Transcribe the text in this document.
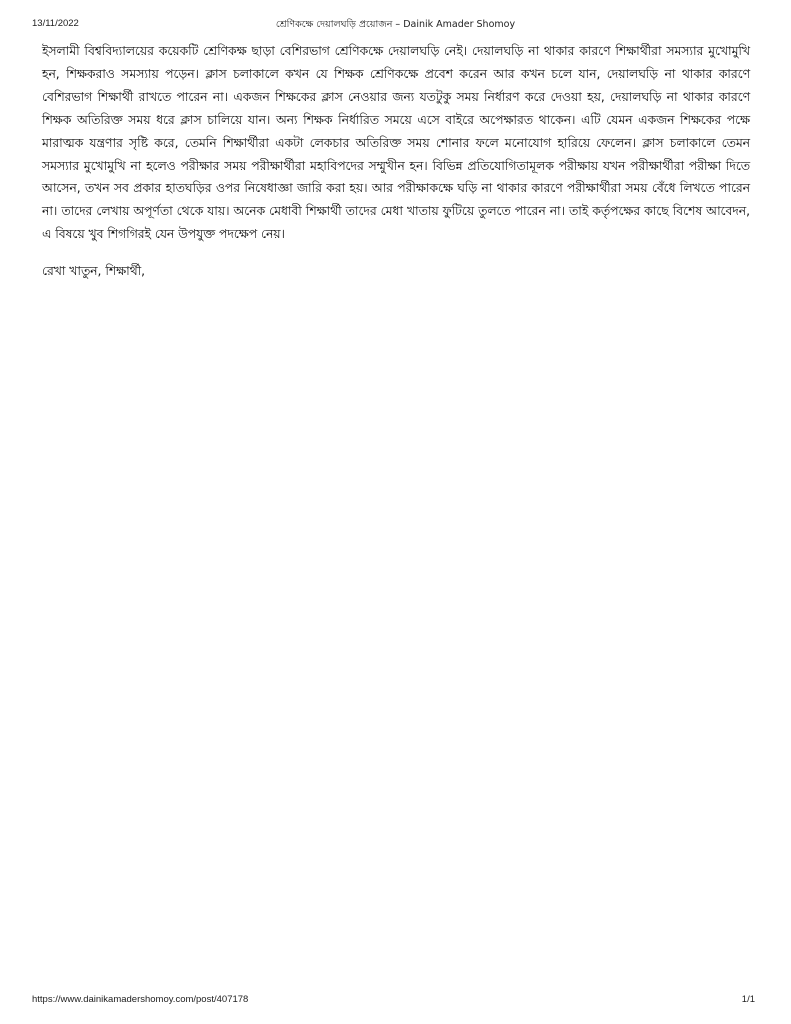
13/11/2022	শ্রেণিকক্ষে দেয়ালঘড়ি প্রয়োজন – Dainik Amader Shomoy

ইসলামী বিশ্ববিদ্যালয়ের কয়েকটি শ্রেণিকক্ষ ছাড়া বেশিরভাগ শ্রেণিকক্ষে দেয়ালঘড়ি নেই। দেয়ালঘড়ি না থাকার কারণে শিক্ষার্থীরা সমস্যার মুখোমুখি হন, শিক্ষকরাও সমস্যায় পড়েন। ক্লাস চলাকালে কখন যে শিক্ষক শ্রেণিকক্ষে প্রবেশ করেন আর কখন চলে যান, দেয়ালঘড়ি না থাকার কারণে বেশিরভাগ শিক্ষার্থী রাখতে পারেন না। একজন শিক্ষকের ক্লাস নেওয়ার জন্য যতটুকু সময় নির্ধারণ করে দেওয়া হয়, দেয়ালঘড়ি না থাকার কারণে শিক্ষক অতিরিক্ত সময় ধরে ক্লাস চালিয়ে যান। অন্য শিক্ষক নির্ধারিত সময়ে এসে বাইরে অপেক্ষারত থাকেন। এটি যেমন একজন শিক্ষকের পক্ষে মারাত্মক যন্ত্রণার সৃষ্টি করে, তেমনি শিক্ষার্থীরা একটা লেকচার অতিরিক্ত সময় শোনার ফলে মনোযোগ হারিয়ে ফেলেন। ক্লাস চলাকালে তেমন সমস্যার মুখোমুখি না হলেও পরীক্ষার সময় পরীক্ষার্থীরা মহাবিপদের সম্মুখীন হন। বিভিন্ন প্রতিযোগিতামূলক পরীক্ষায় যখন পরীক্ষার্থীরা পরীক্ষা দিতে আসেন, তখন সব প্রকার হাতঘড়ির ওপর নিষেধাজ্ঞা জারি করা হয়। আর পরীক্ষাকক্ষে ঘড়ি না থাকার কারণে পরীক্ষার্থীরা সময় বেঁধে লিখতে পারেন না। তাদের লেখায় অপূর্ণতা থেকে যায়। অনেক মেধাবী শিক্ষার্থী তাদের মেধা খাতায় ফুটিয়ে তুলতে পারেন না। তাই কর্তৃপক্ষের কাছে বিশেষ আবেদন, এ বিষয়ে খুব শিগগিরই যেন উপযুক্ত পদক্ষেপ নেয়।

রেখা খাতুন, শিক্ষার্থী,

https://www.dainikamadershomoy.com/post/407178	1/1
